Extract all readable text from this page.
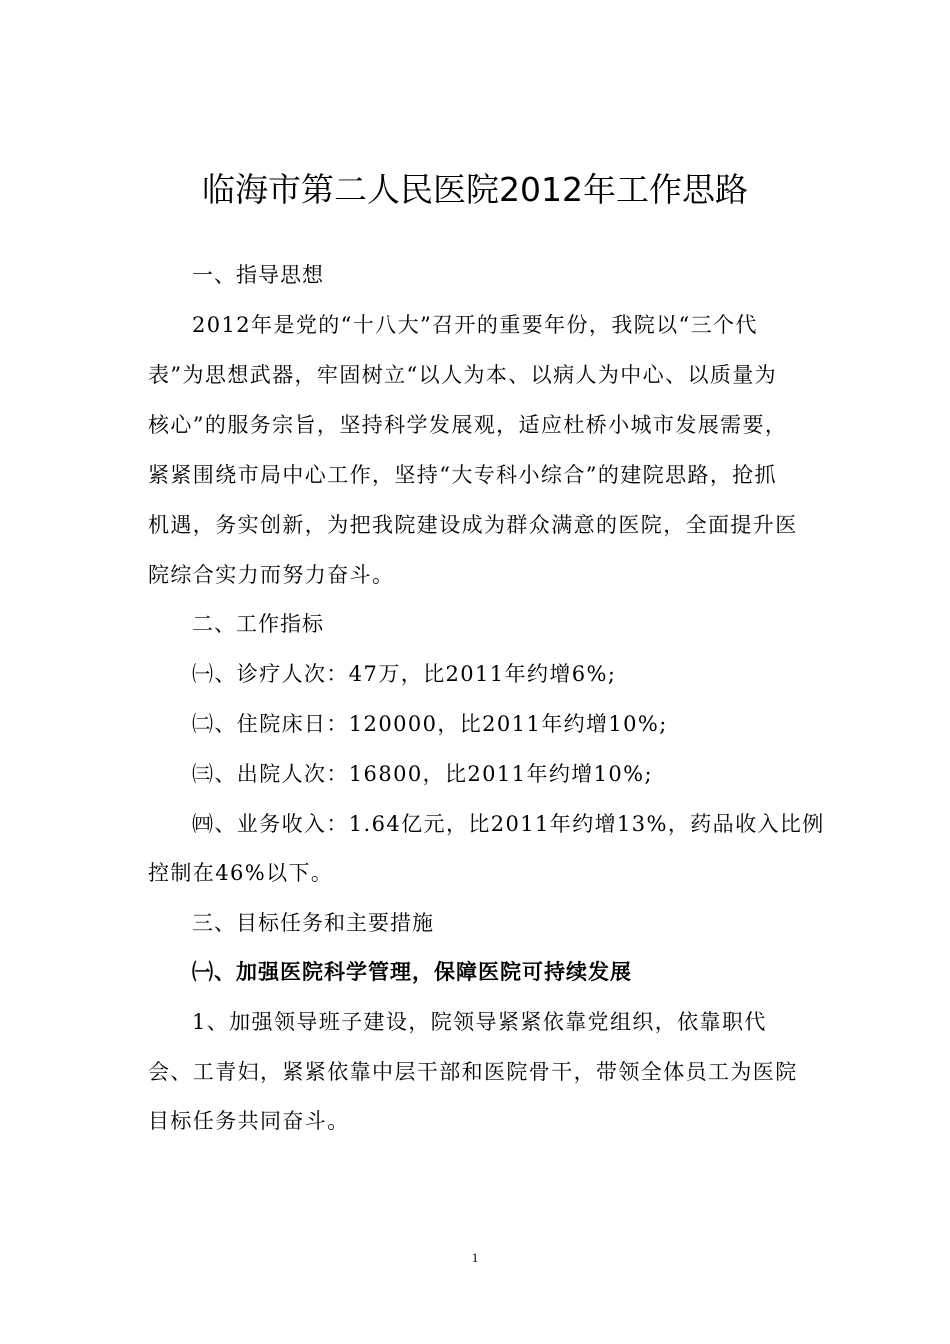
临海市第二人民医院2012年工作思路
一、指导思想
2012年是党的“十八大”召开的重要年份，我院以“三个代
表”为思想武器，牢固树立“以人为本、以病人为中心、以质量为
核心”的服务宗旨，坚持科学发展观，适应杜桥小城市发展需要，
紧紧围绕市局中心工作，坚持“大专科小综合”的建院思路，抢抓
机遇，务实创新，为把我院建设成为群众满意的医院，全面提升医
院综合实力而努力奋斗。
二、工作指标
㈠、诊疗人次：47万，比2011年约增6%;
㈡、住院床日：120000，比2011年约增10%;
㈢、出院人次：16800，比2011年约增10%;
㈣、业务收入：1.64亿元，比2011年约增13%，药品收入比例
控制在46%以下。
三、目标任务和主要措施
㈠、加强医院科学管理，保障医院可持续发展
1、加强领导班子建设，院领导紧紧依靠党组织，依靠职代
会、工青妇，紧紧依靠中层干部和医院骨干，带领全体员工为医院
目标任务共同奋斗。
1
